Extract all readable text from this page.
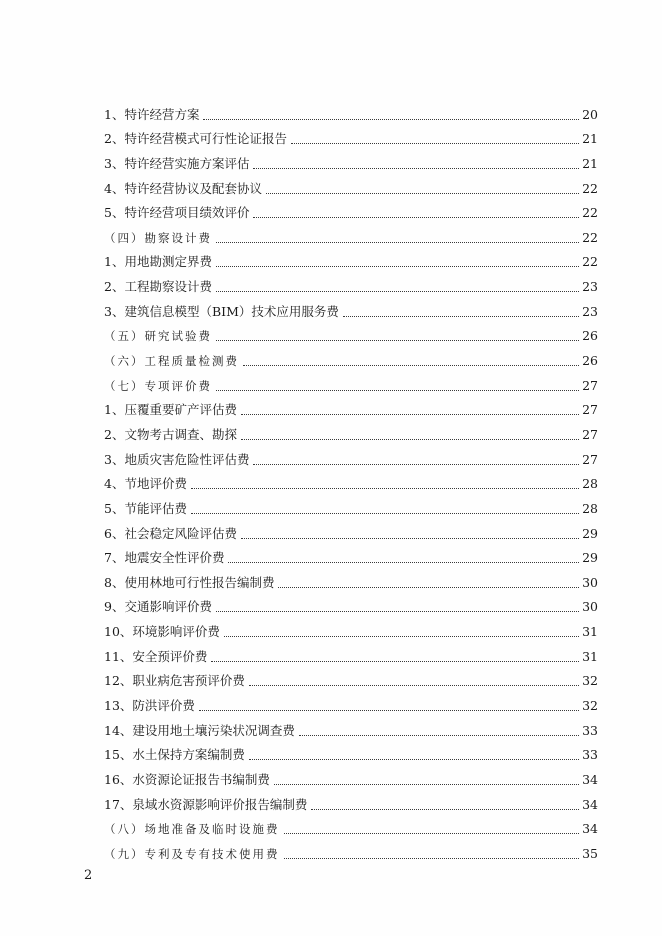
1、特许经营方案	20
2、特许经营模式可行性论证报告	21
3、特许经营实施方案评估	21
4、特许经营协议及配套协议	22
5、特许经营项目绩效评价	22
（四）勘察设计费	22
1、用地勘测定界费	22
2、工程勘察设计费	23
3、建筑信息模型（BIM）技术应用服务费	23
（五）研究试验费	26
（六）工程质量检测费	26
（七）专项评价费	27
1、压覆重要矿产评估费	27
2、文物考古调查、勘探	27
3、地质灾害危险性评估费	27
4、节地评价费	28
5、节能评估费	28
6、社会稳定风险评估费	29
7、地震安全性评价费	29
8、使用林地可行性报告编制费	30
9、交通影响评价费	30
10、环境影响评价费	31
11、安全预评价费	31
12、职业病危害预评价费	32
13、防洪评价费	32
14、建设用地土壤污染状况调查费	33
15、水土保持方案编制费	33
16、水资源论证报告书编制费	34
17、泉域水资源影响评价报告编制费	34
（八）场地准备及临时设施费	34
（九）专利及专有技术使用费	35
2
